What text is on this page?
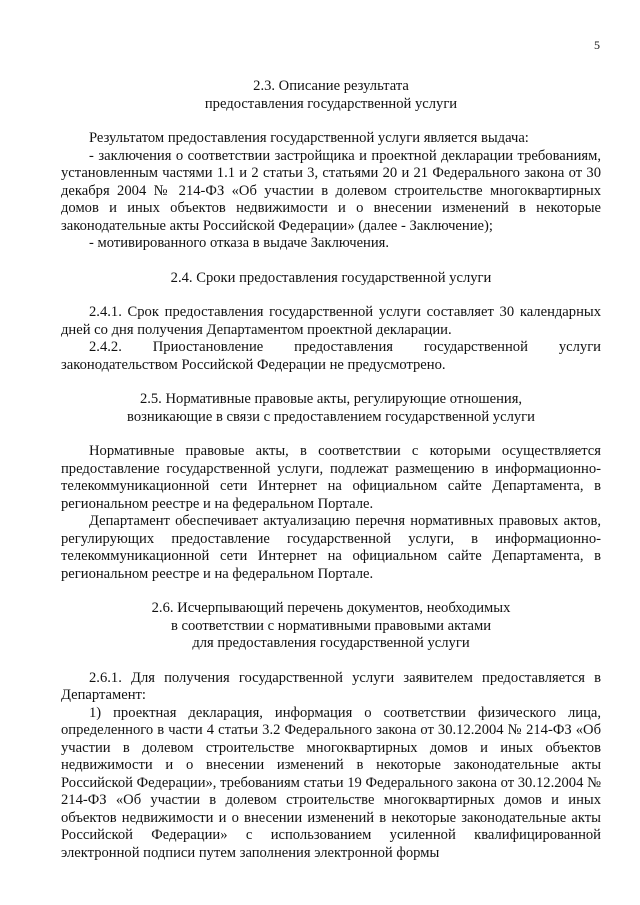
5
2.3. Описание результата
предоставления государственной услуги

Результатом предоставления государственной услуги является выдача:

- заключения о соответствии застройщика и проектной декларации требованиям, установленным частями 1.1 и 2 статьи 3, статьями 20 и 21 Федерального закона от 30 декабря 2004 № 214-ФЗ «Об участии в долевом строительстве многоквартирных домов и иных объектов недвижимости и о внесении изменений в некоторые законодательные акты Российской Федерации» (далее - Заключение);

- мотивированного отказа в выдаче Заключения.

2.4. Сроки предоставления государственной услуги

2.4.1. Срок предоставления государственной услуги составляет 30 календарных дней со дня получения Департаментом проектной декларации.

2.4.2. Приостановление предоставления государственной услуги законодательством Российской Федерации не предусмотрено.

2.5. Нормативные правовые акты, регулирующие отношения,
возникающие в связи с предоставлением государственной услуги

Нормативные правовые акты, в соответствии с которыми осуществляется предоставление государственной услуги, подлежат размещению в информационно-телекоммуникационной сети Интернет на официальном сайте Департамента, в региональном реестре и на федеральном Портале.

Департамент обеспечивает актуализацию перечня нормативных правовых актов, регулирующих предоставление государственной услуги, в информационно-телекоммуникационной сети Интернет на официальном сайте Департамента, в региональном реестре и на федеральном Портале.

2.6. Исчерпывающий перечень документов, необходимых
в соответствии с нормативными правовыми актами
для предоставления государственной услуги

2.6.1. Для получения государственной услуги заявителем предоставляется в Департамент:

1) проектная декларация, информация о соответствии физического лица, определенного в части 4 статьи 3.2 Федерального закона от 30.12.2004 № 214-ФЗ «Об участии в долевом строительстве многоквартирных домов и иных объектов недвижимости и о внесении изменений в некоторые законодательные акты Российской Федерации», требованиям статьи 19 Федерального закона от 30.12.2004 № 214-ФЗ «Об участии в долевом строительстве многоквартирных домов и иных объектов недвижимости и о внесении изменений в некоторые законодательные акты Российской Федерации» с использованием усиленной квалифицированной электронной подписи путем заполнения электронной формы
